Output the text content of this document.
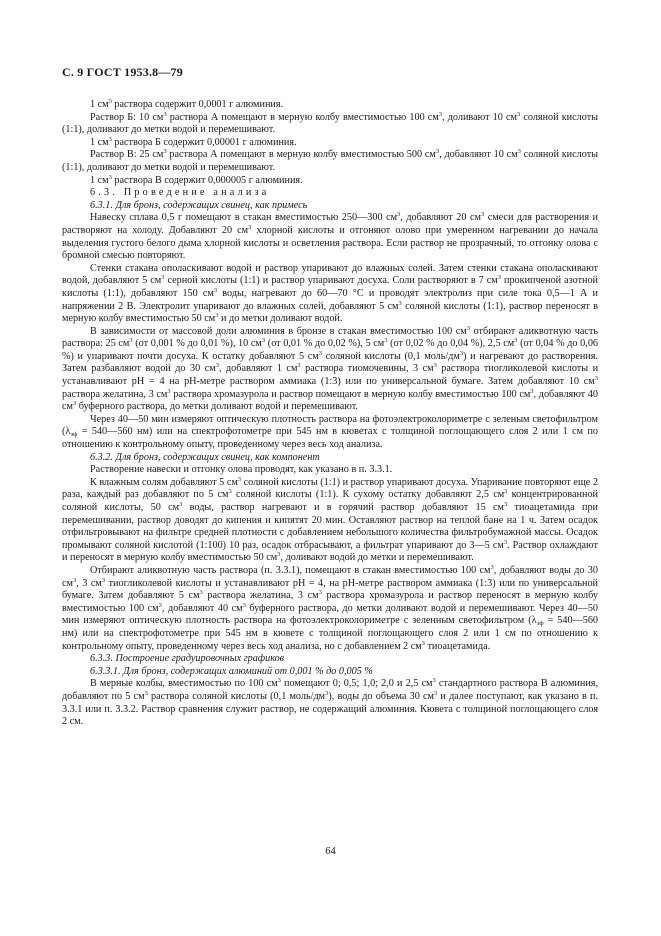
С. 9 ГОСТ 1953.8—79

1 $см^3$ раствора содержит 0,0001 г алюминия.

Раствор Б: 10 $см^3$ раствора А помещают в мерную колбу вместимостью 100 $см^3$, доливают 10 $см^3$ соляной кислоты (1:1), доливают до метки водой и перемешивают.

1 $см^3$ раствора Б содержит 0,00001 г алюминия.

Раствор В: 25 $см^3$ раствора А помещают в мерную колбу вместимостью 500 $см^3$, добавляют 10 $см^3$ соляной кислоты (1:1), доливают до метки водой и перемешивают.

1 $см^3$ раствора В содержит 0,000005 г алюминия.

6.3. Проведение анализа

6.3.1. Для бронз, содержащих свинец, как примесь

Навеску сплава 0,5 г помещают в стакан вместимостью 250—300 $см^3$, добавляют 20 $см^3$ смеси для растворения и растворяют на холоду. Добавляют 20 $см^3$ хлорной кислоты и отгоняют олово при умеренном нагревании до начала выделения густого белого дыма хлорной кислоты и осветления раствора. Если раствор не прозрачный, то отгонку олова с бромной смесью повторяют.

Стенки стакана ополаскивают водой и раствор упаривают до влажных солей. Затем стенки стакана ополаскивают водой, добавляют 5 $см^3$ серной кислоты (1:1) и раствор упаривают досуха. Соли растворяют в 7 $см^3$ прокипченой азотной кислоты (1:1), добавляют 150 $см^3$ воды, нагревают до 60—70 °С и проводят электролиз при силе тока 0,5—1 А и напряжении 2 В. Электролит упаривают до влажных солей, добавляют 5 $см^3$ соляной кислоты (1:1), раствор переносят в мерную колбу вместимостью 50 $см^3$ и до метки доливают водой.

В зависимости от массовой доли алюминия в бронзе в стакан вместимостью 100 $см^3$ отбирают аликвотную часть раствора: 25 $см^3$ (от 0,001 % до 0,01 %), 10 $см^3$ (от 0,01 % до 0,02 %), 5 $см^3$ (от 0,02 % до 0,04 %), 2,5 $см^3$ (от 0,04 % до 0,06 %) и упаривают почти досуха. К остатку добавляют 5 $см^3$ соляной кислоты (0,1 моль/$дм^3$) и нагревают до растворения. Затем разбавляют водой до 30 $см^3$, добавляют 1 $см^3$ раствора тиомочевины, 3 $см^3$ раствора тиогликолевой кислоты и устанавливают рН = 4 на рН-метре раствором аммиака (1:3) или по универсальной бумаге. Затем добавляют 10 $см^3$ раствора желатина, 3 $см^3$ раствора хромазурола и раствор помещают в мерную колбу вместимостью 100 $см^3$, добавляют 40 $см^3$ буферного раствора, до метки доливают водой и перемешивают.

Через 40—50 мин измеряют оптическую плотность раствора на фотоэлектроколориметре с зеленым светофильтром ($\lambda_{эф}$ = 540—560 нм) или на спектрофотометре при 545 нм в кюветах с толщиной поглощающего слоя 2 или 1 см по отношению к контрольному опыту, проведенному через весь ход анализа.

6.3.2. Для бронз, содержащих свинец, как компонент

Растворение навески и отгонку олова проводят, как указано в п. 3.3.1.

К влажным солям добавляют 5 $см^3$ соляной кислоты (1:1) и раствор упаривают досуха. Упаривание повторяют еще 2 раза, каждый раз добавляют по 5 $см^3$ соляной кислоты (1:1). К сухому остатку добавляют 2,5 $см^3$ концентрированной соляной кислоты, 50 $см^3$ воды, раствор нагревают и в горячий раствор добавляют 15 $см^3$ тиоацетамида при перемешивании, раствор доводят до кипения и кипятят 20 мин. Оставляют раствор на теплой бане на 1 ч. Затем осадок отфильтровывают на фильтре средней плотности с добавлением небольшого количества фильтробумажной массы. Осадок промывают соляной кислотой (1:100) 10 раз, осадок отбрасывают, а фильтрат упаривают до 3—5 $см^3$. Раствор охлаждают и переносят в мерную колбу вместимостью 50 $см^3$, доливают водой до метки и перемешивают.

Отбирают аликвотную часть раствора (п. 3.3.1), помещают в стакан вместимостью 100 $см^3$, добавляют воды до 30 $см^3$, 3 $см^3$ тиогликолевой кислоты и устанавливают рН = 4, на рН-метре раствором аммиака (1:3) или по универсальной бумаге. Затем добавляют 5 $см^3$ раствора желатина, 3 $см^3$ раствора хромазурола и раствор переносят в мерную колбу вместимостью 100 $см^3$, добавляют 40 $см^3$ буферного раствора, до метки доливают водой и перемешивают. Через 40—50 мин измеряют оптическую плотность раствора на фотоэлектроколориметре с зеленным светофильтром ($\lambda_{эф}$ = 540—560 нм) или на спектрофотометре при 545 нм в кювете с толщиной поглощающего слоя 2 или 1 см по отношению к контрольному опыту, проведенному через весь ход анализа, но с добавлением 2 $см^3$ тиоацетамида.

6.3.3. Построение градуировочных графиков

6.3.3.1. Для бронз, содержащих алюминий от 0,001 % до 0,005 %

В мерные колбы, вместимостью по 100 $см^3$ помещают 0; 0,5; 1,0; 2,0 и 2,5 $см^3$ стандартного раствора В алюминия, добавляют по 5 $см^3$ раствора соляной кислоты (0,1 моль/$дм^3$), воды до объема 30 $см^3$ и далее поступают, как указано в п. 3.3.1 или п. 3.3.2. Раствор сравнения служит раствор, не содержащий алюминия. Кювета с толщиной поглощающего слоя 2 см.

64
